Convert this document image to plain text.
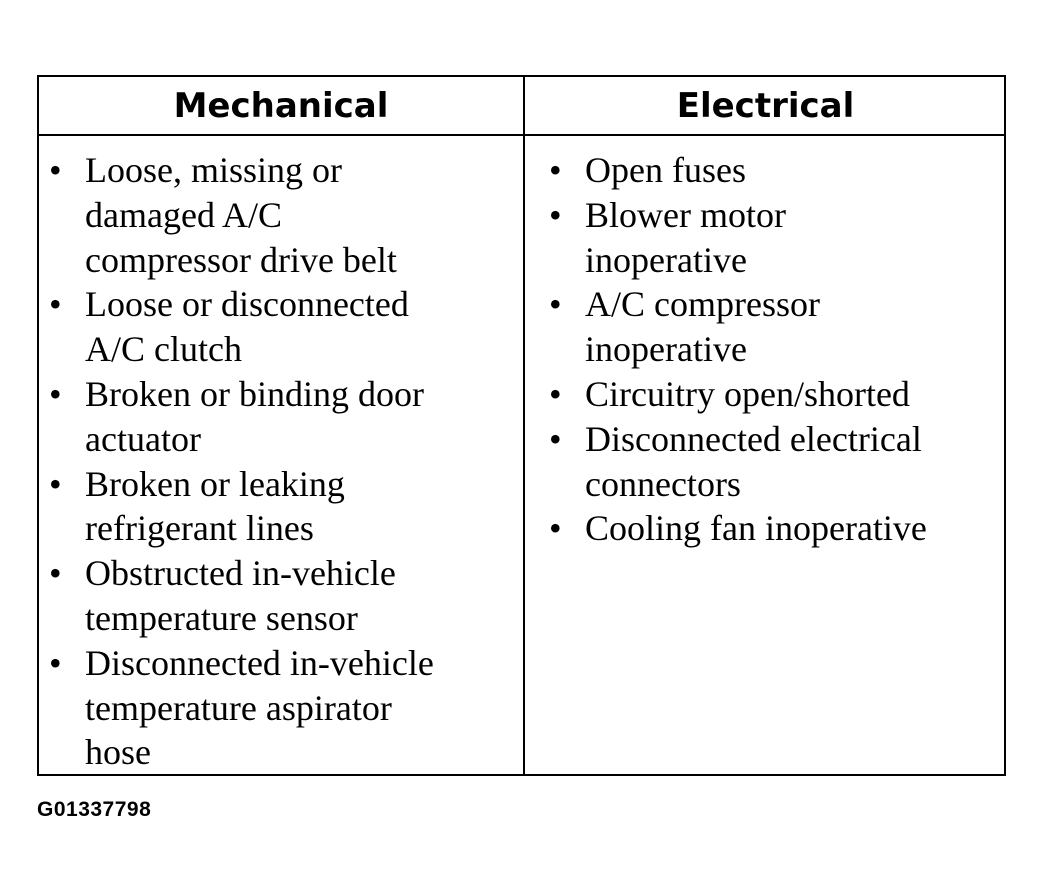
Mechanical	Electrical
• Loose, missing or
damaged A/C
compressor drive belt
• Loose or disconnected
A/C clutch
• Broken or binding door
actuator
• Broken or leaking
refrigerant lines
• Obstructed in-vehicle
temperature sensor
• Disconnected in-vehicle
temperature aspirator
hose
• Open fuses
• Blower motor
inoperative
• A/C compressor
inoperative
• Circuitry open/shorted
• Disconnected electrical
connectors
• Cooling fan inoperative
G01337798
